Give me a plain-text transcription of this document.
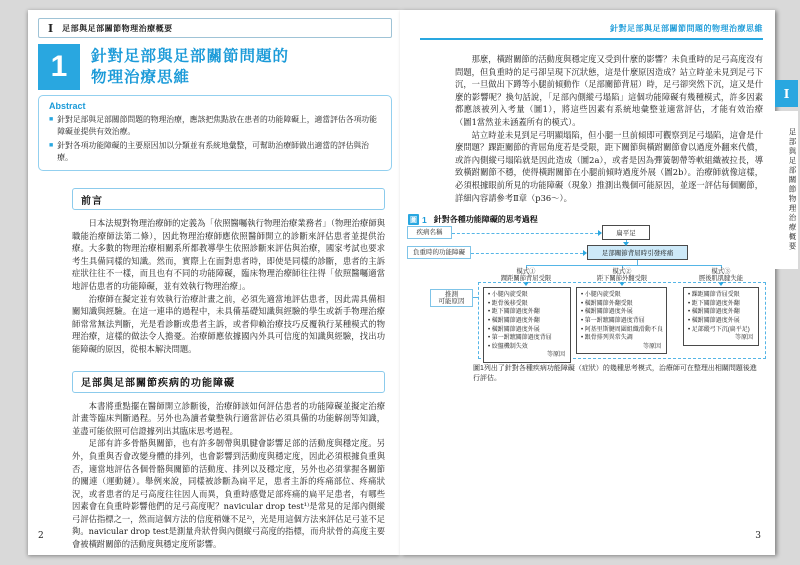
Ⅰ 足部與足部關節物理治療概要
1	針對足部與足部關節問題的
物理治療思維
Abstract
■ 針對足部與足部關節問題的物理治療，應該把焦點放在患者的功能障礙上，適當評估各項功能障礙並提供有效治療。
■ 針對各項功能障礙的主要原因加以分類並有系統地彙整，可幫助治療師做出適當的評估與治療。
前言

日本法規對物理治療師的定義為「依照醫囑執行物理治療業務者」（物理治療師與職能治療師法第二條），因此物理治療師應依照醫師開立的診斷來評估患者並提供治療。大多數的物理治療相關系所都教導學生依照診斷來評估與治療，國家考試也要求考生具備同樣的知識。然而，實際上在面對患者時，即使是同樣的診斷，患者的主訴症狀往往不一樣，而且也有不同的功能障礙，臨床物理治療師往往得「依照醫囑適當地評估患者的功能障礙，並有效執行物理治療」。

治療師在擬定並有效執行治療計畫之前，必須先適當地評估患者，因此需具備相關知識與經驗。在這一連串的過程中，未具備基礎知識與經驗的學生或新手物理治療師常常無法判斷，光是看診斷或患者主訴，或者仰賴治療技巧反覆執行某種模式的物理治療，這樣的做法令人擔憂。治療師應依據國內外具可信度的知識與經驗，找出功能障礙的原因，從根本解決問題。

足部與足部關節疾病的功能障礙

本書將重點擺在醫師開立診斷後，治療師該如何評估患者的功能障礙並擬定治療計畫等臨床判斷過程。另外也為讀者彙整執行適當評估必須具備的功能解剖等知識，並盡可能依照可信證據列出其臨床思考過程。

足部有許多骨骼與關節，也有許多韌帶與肌腱會影響足部的活動度與穩定度。另外，負重與否會改變身體的排列，也會影響到活動度與穩定度，因此必須根據負重與否，適當地評估各個骨骼與關節的活動度、排列以及穩定度，另外也必須掌握各關節的關連（運動鏈）。舉例來說，同樣被診斷為扁平足，患者主訴的疼痛部位、疼痛狀況，或者患者的足弓高度往往因人而異，負重時感覺足部疼痛的扁平足患者，有哪些因素會在負重時影響他們的足弓高度呢？navicular drop test¹⁾是常見的足部內側縱弓評估指標之一，然而這個方法的信度稍嫌不足²⁾，光是用這個方法來評估足弓並不足夠。navicular drop test是測量舟狀骨與內側縱弓高度的指標，而舟狀骨的高度主要會被橫跗關節的活動度與穩定度所影響。

2
針對足部與足部關節問題的物理治療思維

那麼，橫跗關節的活動度與穩定度又受到什麼的影響？未負重時的足弓高度沒有問題，但負重時的足弓卻呈現下沉狀態，這是什麼原因造成？站立時並未見到足弓下沉，一旦做出下蹲等小腿前傾動作（足部關節背屈）時，足弓卻突然下沉，這又是什麼的影響呢？換句話說，「足部內側縱弓塌陷」這個功能障礙有幾種模式，許多因素都應該被列入考量（圖1），將這些因素有系統地彙整並適當評估，才能有效治療（圖1當然並未涵蓋所有的模式）。

站立時並未見到足弓明顯塌陷，但小腿一旦前傾即可觀察到足弓塌陷，這會是什麼問題？踝距關節的背屈角度若是受限，距下關節與橫跗關節會以過度外翻來代償，或許內側縱弓塌陷就是因此造成（圖2a），或者是因為彈簧韌帶等軟組織被拉長，導致橫跗關節不穩，使得橫跗關節在小腿前傾時過度外展（圖2b）。治療師就像這樣，必須根據眼前所見的功能障礙（現象）推測出幾個可能原因，並逐一評估每個關節，詳細內容請參考Ⅱ章（p36～）。

圖 1 針對各種功能障礙的思考過程
疾病名稱	扁平足
負重時的功能障礙	足部關節背屈時引發疼痛
模式①
踝距關節背屈受限
模式②
距下關節外翻受限
模式③
脛後肌肌腱失能
推測
可能原因
• 小腿內旋受限
• 距骨後移受限
• 距下關節過度外翻
• 橫跗關節過度外翻
• 橫跗關節過度外展
• 第一跗蹠關節過度背屈
• 絞盤機制失效
等原因
• 小腿內旋受限
• 橫跗關節外翻受限
• 橫跗關節過度外展
• 第一跗蹠關節過度背屈
• 阿基里斯腱周圍組織滑動不良
• 跟骨排列異常失調
等原因
• 踝距關節背屈受限
• 距下關節過度外翻
• 橫跗關節過度外翻
• 橫跗關節過度外展
• 足部縱弓下沉(扁平足)
等原因
圖1列出了針對各種疾病功能障礙（症狀）的幾種思考模式，治療師可在整理出相關問題後進行評估。
3
Ⅰ
足部與足部關節物理治療概要
